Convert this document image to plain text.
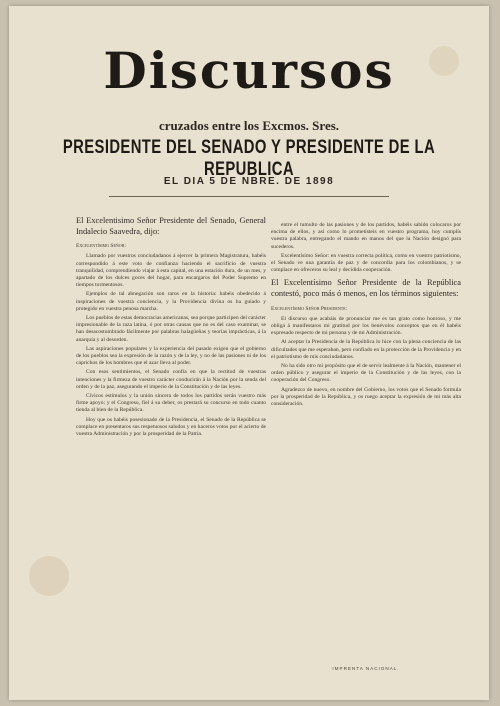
Discursos
cruzados entre los Excmos. Sres.
PRESIDENTE DEL SENADO Y PRESIDENTE DE LA REPUBLICA
EL DIA 5 DE NBRE. DE 1898
El Excelentisimo Señor Presidente del Senado, General Indalecio Saavedra, dijo:
Excelentísimo Señor:

Llamado por vuestros conciudadanos á ejercer la primera Magistratura, habéis correspondido á este voto de confianza haciendo el sacrificio de vuestra tranquilidad, comprendiendo viajar á esta capital, en una estación dura, de un mes, y apartado de los dulces goces del hogar, para encargaros del Poder Supremo en tiempos tormentosos.

Ejemplos de tal abnegación son raros en la historia: habéis obedecido á inspiraciones de vuestra conciencia, y la Providencia divina os ha guiado y protegido en vuestra penosa marcha.

Los pueblos de estas democracias americanas, sea porque participen del carácter impresionable de la raza latina, ó por otras causas que no es del caso examinar, se han desacostumbrado fácilmente por palabras halagüeñas y teorías imprácticas, á la anarquía y al desorden.

Las aspiraciones populares y la experiencia del pasado exigen que el gobierno de los pueblos sea la expresión de la razón y de la ley, y no de las pasiones ni de los caprichos de los hombres que el azar lleva al poder.

Con esos sentimientos, el Senado confía en que la rectitud de vuestras intenciones y la firmeza de vuestro carácter conducirán á la Nación por la senda del orden y de la paz, asegurando el imperio de la Constitución y de las leyes.

Cívicos estímulos y la unión sincera de todos los partidos serán vuestro más firme apoyo; y el Congreso, fiel á su deber, os prestará su concurso en todo cuanto tienda al bien de la República.

Hoy que os habéis posesionado de la Presidencia, el Senado de la República se complace en presentaros sus respetuosos saludos y en haceros votos por el acierto de vuestra Administración y por la prosperidad de la Patria.

entre el tumulto de las pasiones y de los partidos, habéis sabido colocaros por encima de ellos, y así como lo prometisteis en vuestro programa, hoy cumplís vuestra palabra, entregando el mando en manos del que la Nación designó para sucederos.

Excelentísimo Señor: en vuestra correcta política, como en vuestro patriotismo, el Senado ve una garantía de paz y de concordia para los colombianos, y se complace en ofreceros su leal y decidida cooperación.

El Excelentísimo Señor Presidente de la República contestó, poco más ó menos, en los términos siguientes:
Excelentísimo Señor Presidente:

El discurso que acabáis de pronunciar me es tan grato como honroso, y me obliga á manifestaros mi gratitud por los benévolos conceptos que en él habéis expresado respecto de mi persona y de mi Administración.

Al aceptar la Presidencia de la República lo hice con la plena conciencia de las dificultades que me esperaban, pero confiado en la protección de la Providencia y en el patriotismo de mis conciudadanos.

No ha sido otro mi propósito que el de servir lealmente á la Nación, mantener el orden público y asegurar el imperio de la Constitución y de las leyes, con la cooperación del Congreso.

Agradezco de nuevo, en nombre del Gobierno, los votos que el Senado formula por la prosperidad de la República, y os ruego aceptar la expresión de mi más alta consideración.

IMPRENTA NACIONAL.
